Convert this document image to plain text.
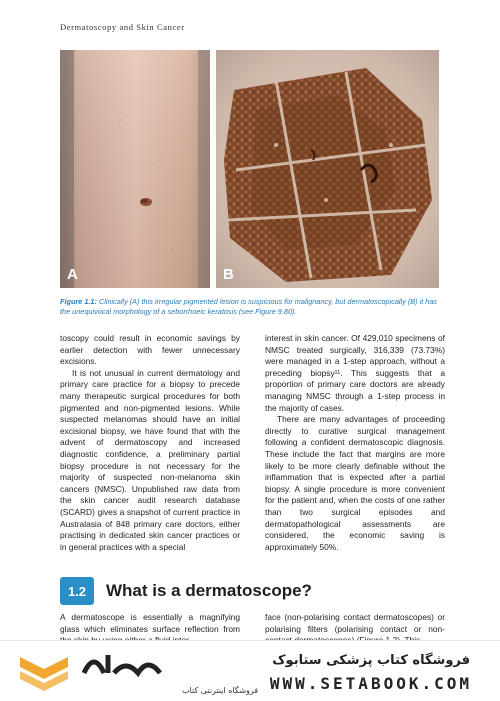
Dermatoscopy and Skin Cancer
A	B
Figure 1.1: Clinically (A) this irregular pigmented lesion is suspicious for malignancy, but dermatoscopically (B) it has the unequivocal morphology of a seborrhoeic keratosis (see Figure 9.80).

toscopy could result in economic savings by earlier detection with fewer unnecessary excisions.

It is not unusual in current dermatology and primary care practice for a biopsy to precede many therapeutic surgical procedures for both pigmented and non-pigmented lesions. While suspected melanomas should have an initial excisional biopsy, we have found that with the advent of dermatoscopy and increased diagnostic confidence, a preliminary partial biopsy procedure is not necessary for the majority of suspected non-melanoma skin cancers (NMSC). Unpublished raw data from the skin cancer audit research database (SCARD) gives a snapshot of current practice in Australasia of 848 primary care doctors, either practising in dedicated skin cancer practices or in general practices with a special

interest in skin cancer. Of 429,010 specimens of NMSC treated surgically, 316,339 (73.73%) were managed in a 1-step approach, without a preceding biopsy¹¹. This suggests that a proportion of primary care doctors are already managing NMSC through a 1-step process in the majority of cases.

There are many advantages of proceeding directly to curative surgical management following a confident dermatoscopic diagnosis. These include the fact that margins are more likely to be more clearly definable without the inflammation that is expected after a partial biopsy. A single procedure is more convenient for the patient and, when the costs of one rather than two surgical episodes and dermatopathological assessments are considered, the economic saving is approximately 50%.

1.2	What is a dermatoscope?

A dermatoscope is essentially a magnifying glass which eliminates surface reflection from

face (non-polarising contact dermatoscopes) or polarising filters (polarising contact or non-

فروشگاه اینترنتی کتاب
فروشگاه کتاب پزشکی ستابوک
WWW.SETABOOK.COM
